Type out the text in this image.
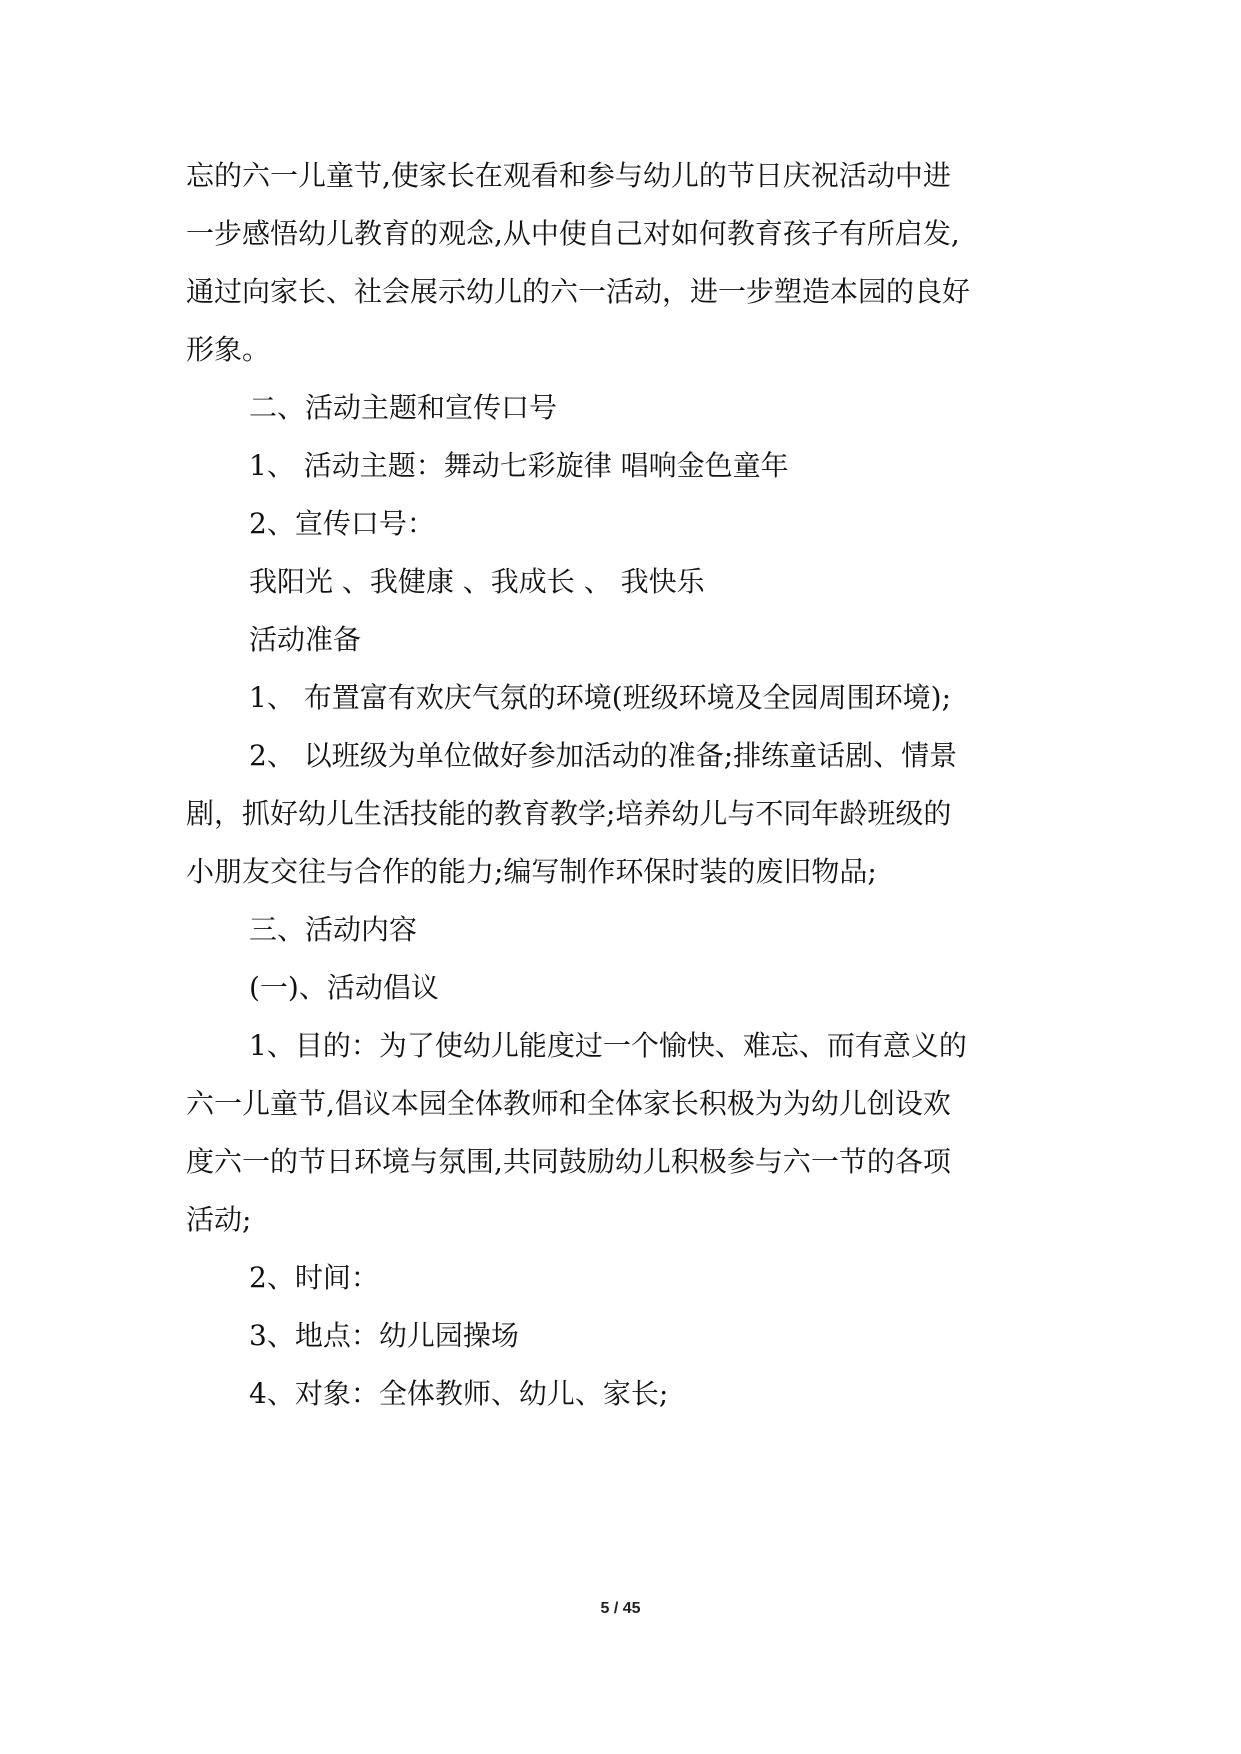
忘的六一儿童节,使家长在观看和参与幼儿的节日庆祝活动中进
一步感悟幼儿教育的观念,从中使自己对如何教育孩子有所启发,
通过向家长、社会展示幼儿的六一活动，进一步塑造本园的良好
形象。
二、活动主题和宣传口号
1、 活动主题：舞动七彩旋律 唱响金色童年
2、宣传口号：
我阳光 、我健康 、我成长 、 我快乐
活动准备
1、 布置富有欢庆气氛的环境(班级环境及全园周围环境);
2、 以班级为单位做好参加活动的准备;排练童话剧、情景
剧，抓好幼儿生活技能的教育教学;培养幼儿与不同年龄班级的
小朋友交往与合作的能力;编写制作环保时装的废旧物品;
三、活动内容
(一)、活动倡议
1、目的：为了使幼儿能度过一个愉快、难忘、而有意义的
六一儿童节,倡议本园全体教师和全体家长积极为为幼儿创设欢
度六一的节日环境与氛围,共同鼓励幼儿积极参与六一节的各项
活动;
2、时间：
3、地点：幼儿园操场
4、对象：全体教师、幼儿、家长;
5 / 45
